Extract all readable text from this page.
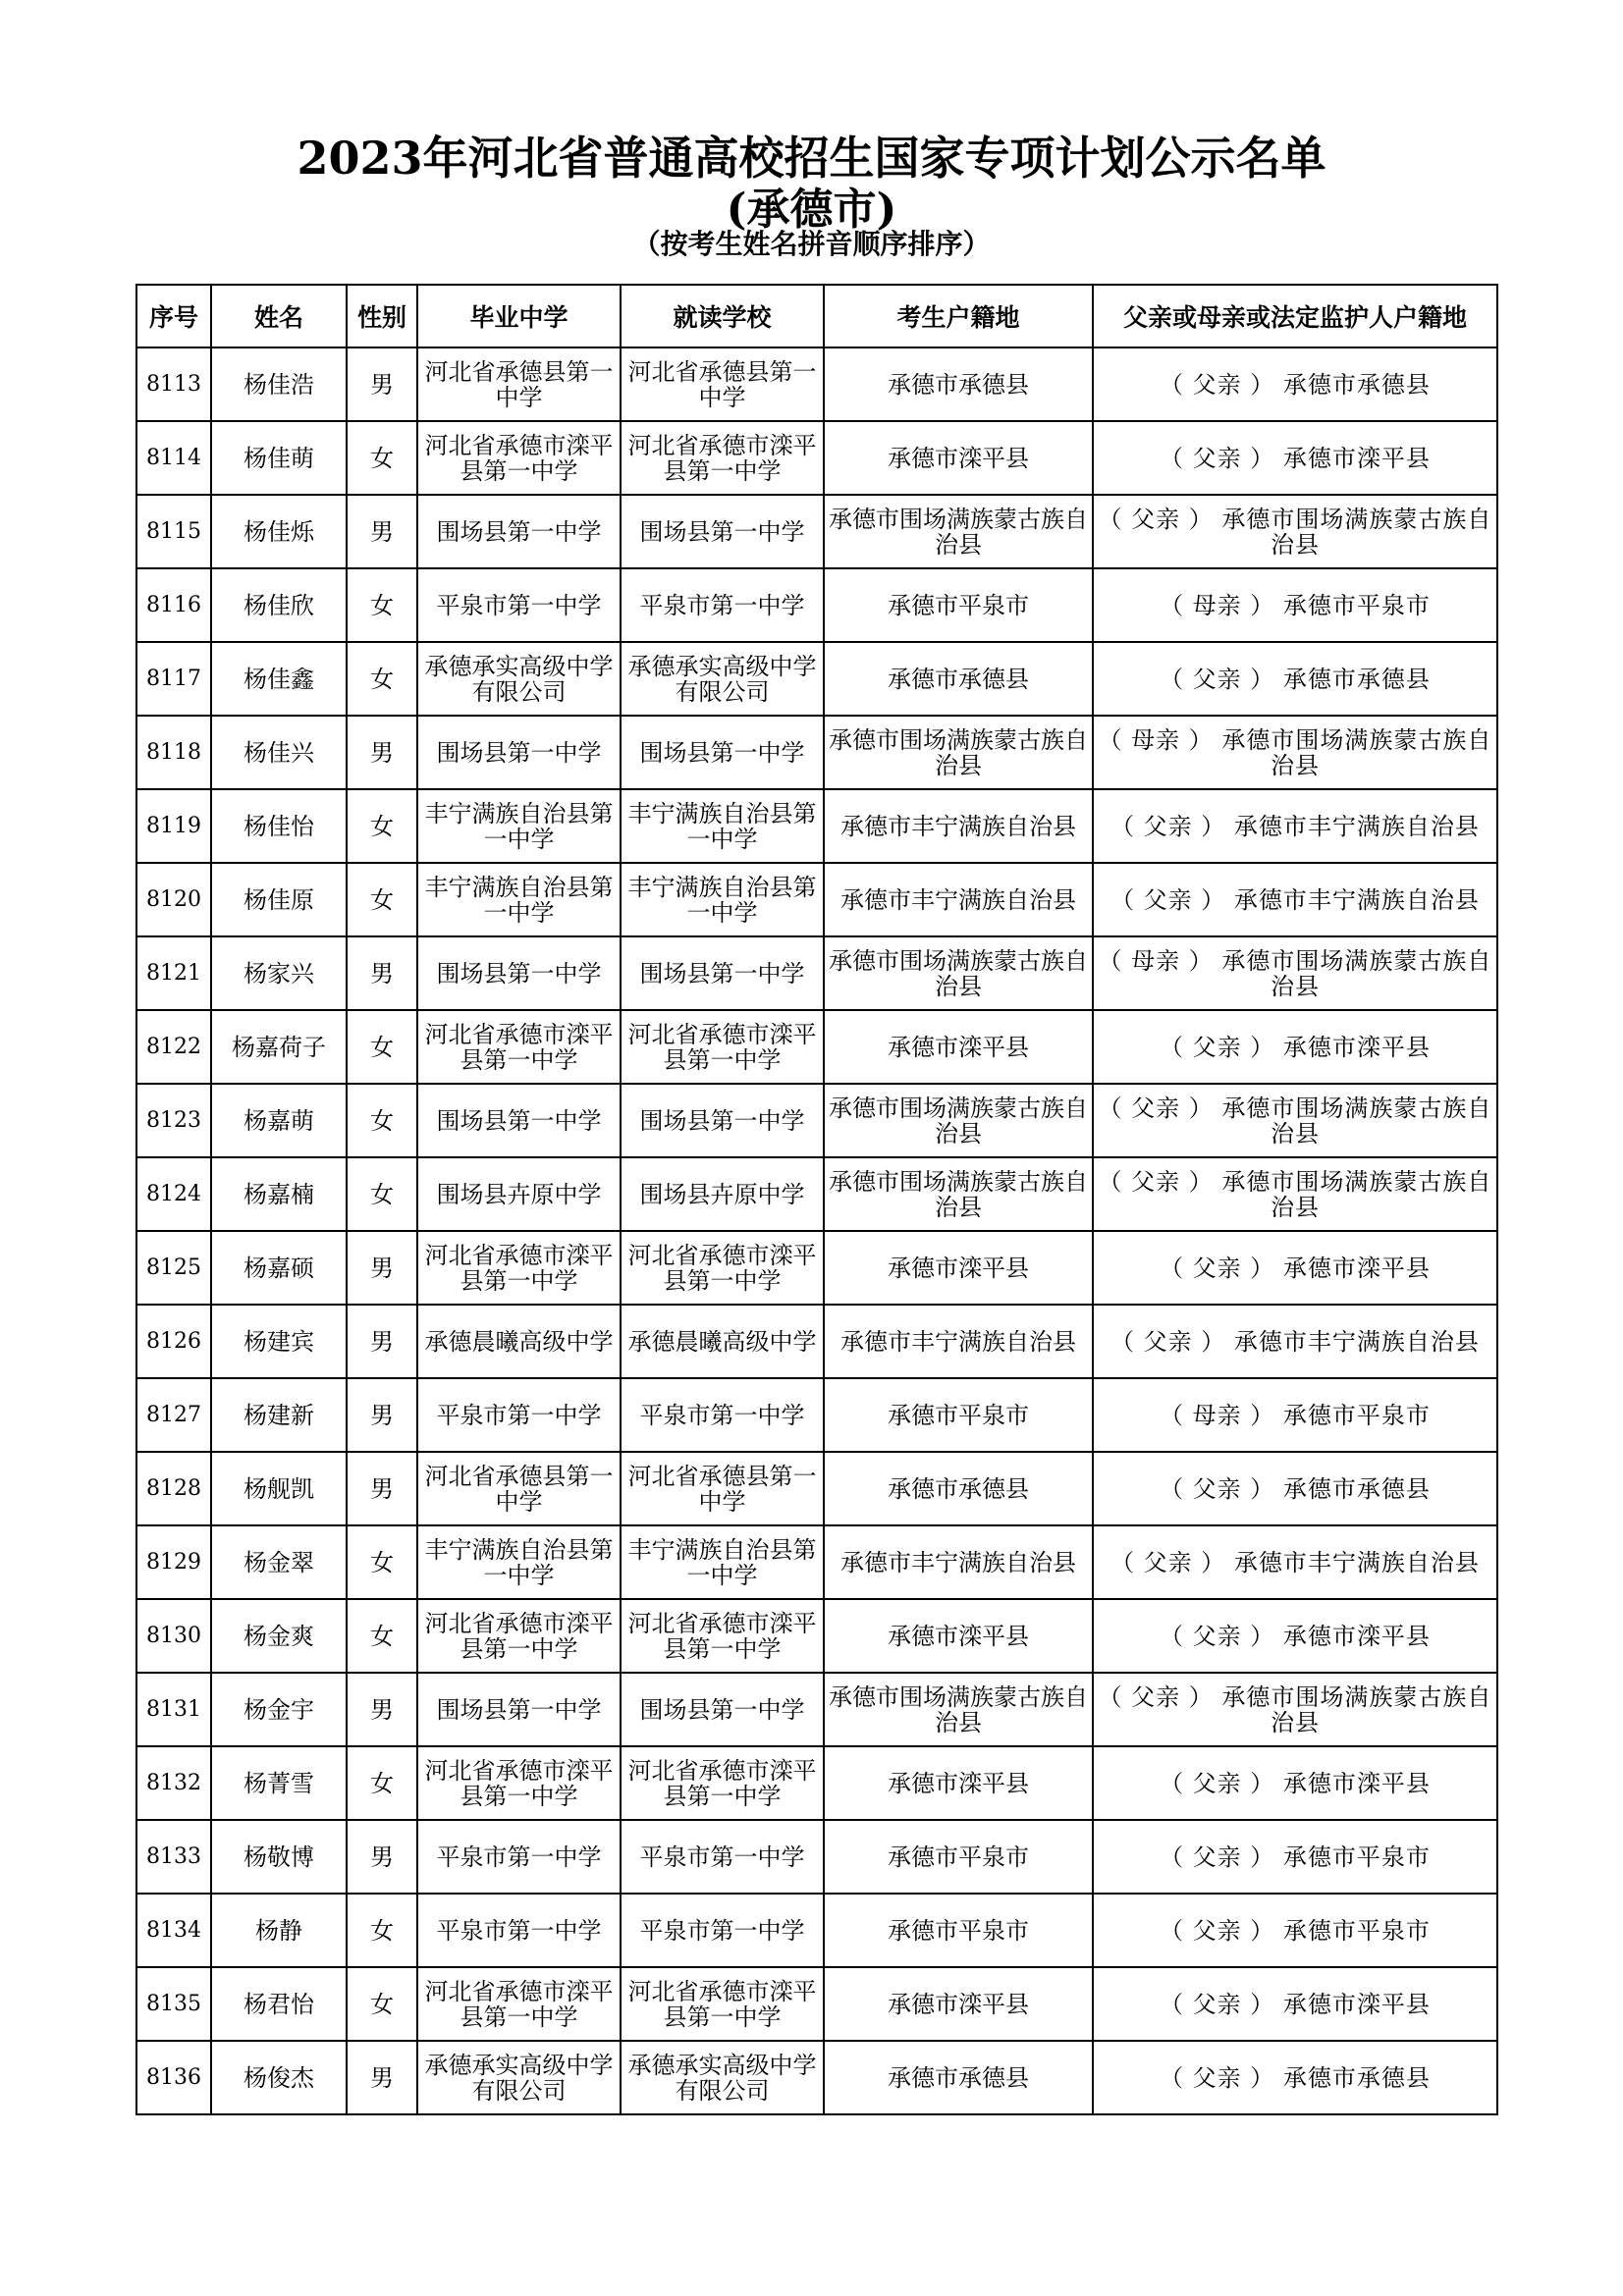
2023年河北省普通高校招生国家专项计划公示名单
(承德市)
（按考生姓名拼音顺序排序）
序号	姓名	性别	毕业中学	就读学校	考生户籍地	父亲或母亲或法定监护人户籍地
8113	杨佳浩	男	河北省承德县第一中学	河北省承德县第一中学	承德市承德县	（ 父亲 ） 承德市承德县
8114	杨佳萌	女	河北省承德市滦平县第一中学	河北省承德市滦平县第一中学	承德市滦平县	（ 父亲 ） 承德市滦平县
8115	杨佳烁	男	围场县第一中学	围场县第一中学	承德市围场满族蒙古族自治县	（ 父亲 ） 承德市围场满族蒙古族自治县
8116	杨佳欣	女	平泉市第一中学	平泉市第一中学	承德市平泉市	（ 母亲 ） 承德市平泉市
8117	杨佳鑫	女	承德承实高级中学有限公司	承德承实高级中学有限公司	承德市承德县	（ 父亲 ） 承德市承德县
8118	杨佳兴	男	围场县第一中学	围场县第一中学	承德市围场满族蒙古族自治县	（ 母亲 ） 承德市围场满族蒙古族自治县
8119	杨佳怡	女	丰宁满族自治县第一中学	丰宁满族自治县第一中学	承德市丰宁满族自治县	（ 父亲 ） 承德市丰宁满族自治县
8120	杨佳原	女	丰宁满族自治县第一中学	丰宁满族自治县第一中学	承德市丰宁满族自治县	（ 父亲 ） 承德市丰宁满族自治县
8121	杨家兴	男	围场县第一中学	围场县第一中学	承德市围场满族蒙古族自治县	（ 母亲 ） 承德市围场满族蒙古族自治县
8122	杨嘉荷子	女	河北省承德市滦平县第一中学	河北省承德市滦平县第一中学	承德市滦平县	（ 父亲 ） 承德市滦平县
8123	杨嘉萌	女	围场县第一中学	围场县第一中学	承德市围场满族蒙古族自治县	（ 父亲 ） 承德市围场满族蒙古族自治县
8124	杨嘉楠	女	围场县卉原中学	围场县卉原中学	承德市围场满族蒙古族自治县	（ 父亲 ） 承德市围场满族蒙古族自治县
8125	杨嘉硕	男	河北省承德市滦平县第一中学	河北省承德市滦平县第一中学	承德市滦平县	（ 父亲 ） 承德市滦平县
8126	杨建宾	男	承德晨曦高级中学	承德晨曦高级中学	承德市丰宁满族自治县	（ 父亲 ） 承德市丰宁满族自治县
8127	杨建新	男	平泉市第一中学	平泉市第一中学	承德市平泉市	（ 母亲 ） 承德市平泉市
8128	杨舰凯	男	河北省承德县第一中学	河北省承德县第一中学	承德市承德县	（ 父亲 ） 承德市承德县
8129	杨金翠	女	丰宁满族自治县第一中学	丰宁满族自治县第一中学	承德市丰宁满族自治县	（ 父亲 ） 承德市丰宁满族自治县
8130	杨金爽	女	河北省承德市滦平县第一中学	河北省承德市滦平县第一中学	承德市滦平县	（ 父亲 ） 承德市滦平县
8131	杨金宇	男	围场县第一中学	围场县第一中学	承德市围场满族蒙古族自治县	（ 父亲 ） 承德市围场满族蒙古族自治县
8132	杨菁雪	女	河北省承德市滦平县第一中学	河北省承德市滦平县第一中学	承德市滦平县	（ 父亲 ） 承德市滦平县
8133	杨敬博	男	平泉市第一中学	平泉市第一中学	承德市平泉市	（ 父亲 ） 承德市平泉市
8134	杨静	女	平泉市第一中学	平泉市第一中学	承德市平泉市	（ 父亲 ） 承德市平泉市
8135	杨君怡	女	河北省承德市滦平县第一中学	河北省承德市滦平县第一中学	承德市滦平县	（ 父亲 ） 承德市滦平县
8136	杨俊杰	男	承德承实高级中学有限公司	承德承实高级中学有限公司	承德市承德县	（ 父亲 ） 承德市承德县
